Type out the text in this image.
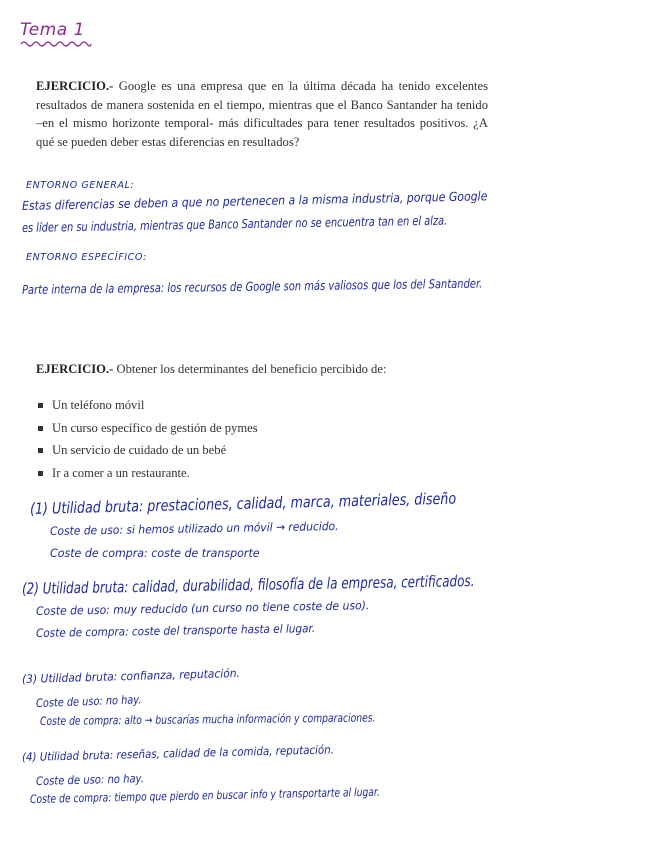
Tema 1
EJERCICIO.- Google es una empresa que en la última década ha tenido excelentes resultados de manera sostenida en el tiempo, mientras que el Banco Santander ha tenido –en el mismo horizonte temporal- más dificultades para tener resultados positivos. ¿A qué se pueden deber estas diferencias en resultados?
ENTORNO GENERAL:
Estas diferencias se deben a que no pertenecen a la misma industria, porque Google
es líder en su industria, mientras que Banco Santander no se encuentra tan en el alza.
ENTORNO ESPECÍFICO:
Parte interna de la empresa: los recursos de Google son más valiosos que los del Santander.
EJERCICIO.- Obtener los determinantes del beneficio percibido de:
Un teléfono móvil
Un curso específico de gestión de pymes
Un servicio de cuidado de un bebé
Ir a comer a un restaurante.
(1) Utilidad bruta: prestaciones, calidad, marca, materiales, diseño
Coste de uso: si hemos utilizado un móvil → reducido.
Coste de compra: coste de transporte
(2) Utilidad bruta: calidad, durabilidad, filosofía de la empresa, certificados.
Coste de uso: muy reducido (un curso no tiene coste de uso).
Coste de compra: coste del transporte hasta el lugar.
(3) Utilidad bruta: confianza, reputación.
Coste de uso: no hay.
Coste de compra: alto → buscarías mucha información y comparaciones.
(4) Utilidad bruta: reseñas, calidad de la comida, reputación.
Coste de uso: no hay.
Coste de compra: tiempo que pierdo en buscar info y transportarte al lugar.
